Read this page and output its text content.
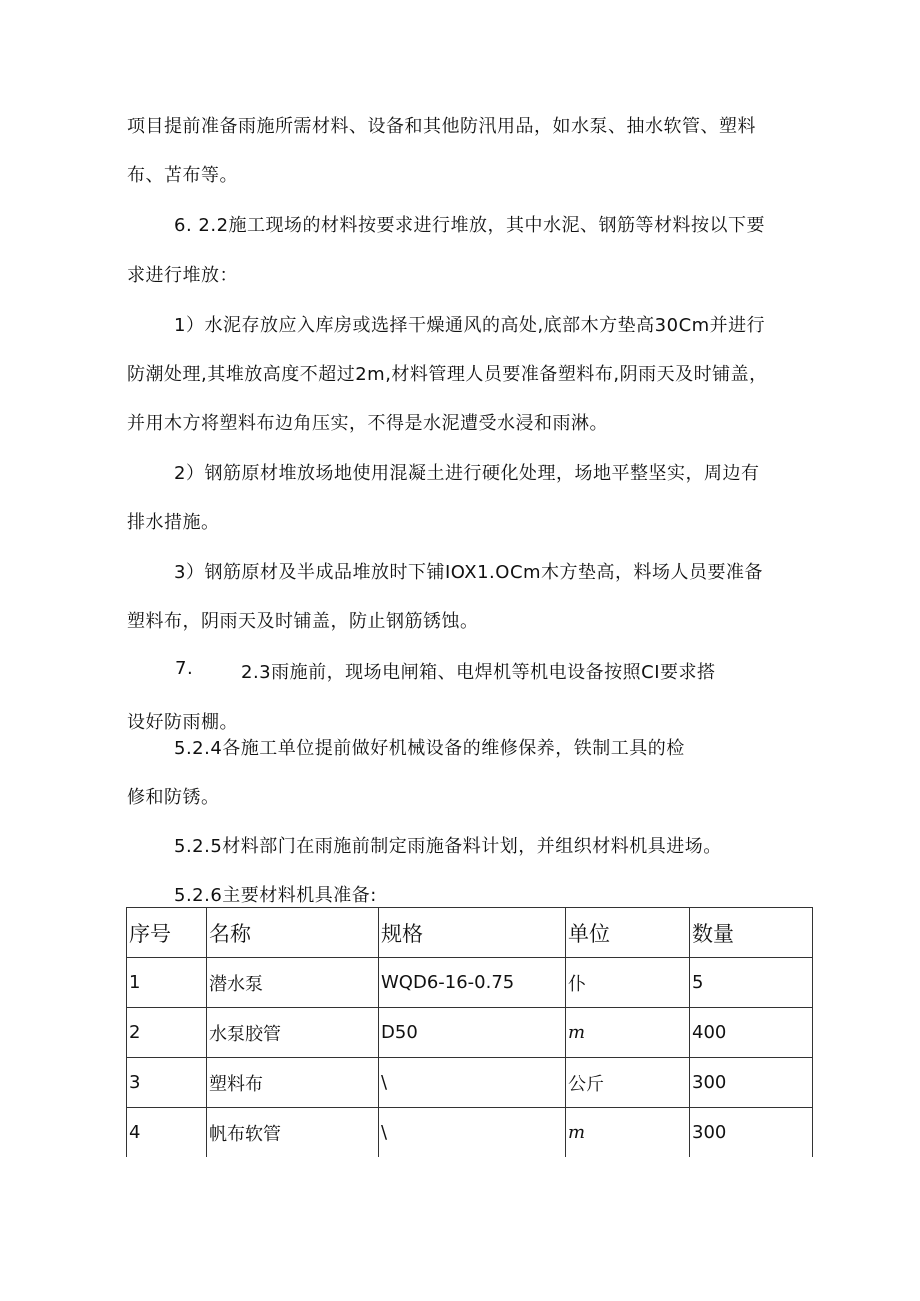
项目提前准备雨施所需材料、设备和其他防汛用品，如水泵、抽水软管、塑料
布、苫布等。
6. 2.2施工现场的材料按要求进行堆放，其中水泥、钢筋等材料按以下要
求进行堆放：
1）水泥存放应入库房或选择干燥通风的高处,底部木方垫高30Cm并进行
防潮处理,其堆放高度不超过2m,材料管理人员要准备塑料布,阴雨天及时铺盖，
并用木方将塑料布边角压实，不得是水泥遭受水浸和雨淋。
2）钢筋原材堆放场地使用混凝土进行硬化处理，场地平整坚实，周边有
排水措施。
3）钢筋原材及半成品堆放时下铺IOX1.OCm木方垫高，料场人员要准备
塑料布，阴雨天及时铺盖，防止钢筋锈蚀。
7.	2.3雨施前，现场电闸箱、电焊机等机电设备按照CI要求搭
设好防雨棚。
5.2.4各施工单位提前做好机械设备的维修保养，铁制工具的检
修和防锈。
5.2.5材料部门在雨施前制定雨施备料计划，并组织材料机具进场。
5.2.6主要材料机具准备:
序号	名称	规格	单位	数量
1	潜水泵	WQD6-16-0.75	仆	5
2	水泵胶管	D50	m	400
3	塑料布	\	公斤	300
4	帆布软管	\	m	300
